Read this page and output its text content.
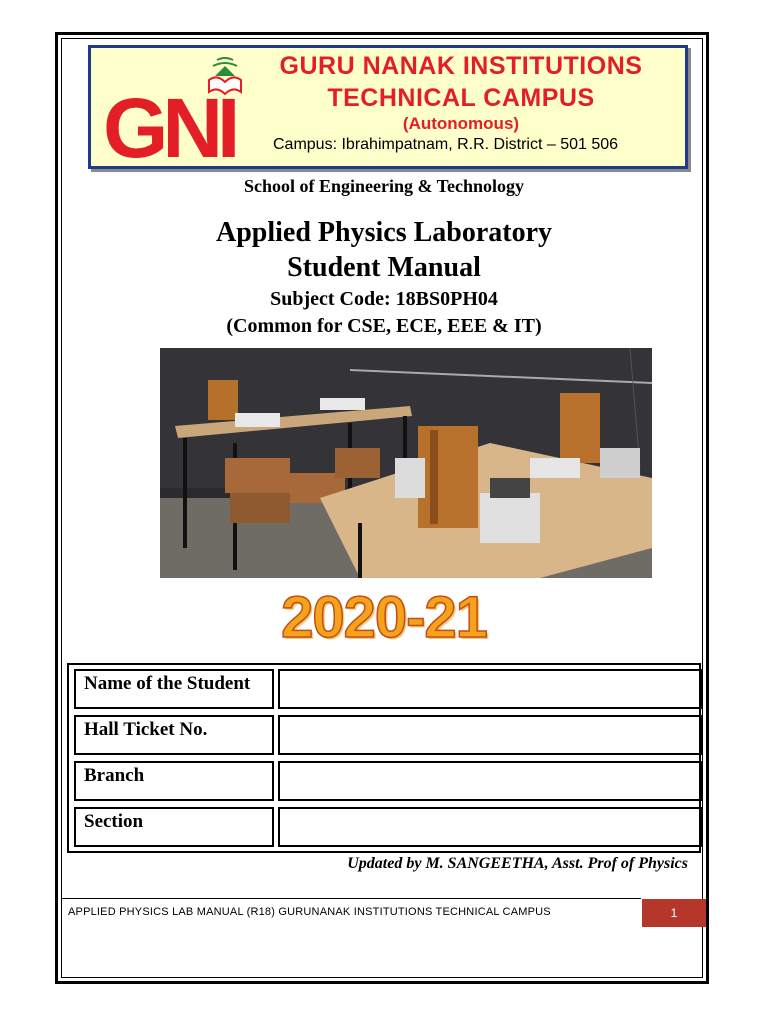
GNI
GURU NANAK INSTITUTIONS
TECHNICAL CAMPUS
(Autonomous)
Campus: Ibrahimpatnam, R.R. District – 501 506
School of Engineering & Technology
Applied Physics Laboratory
Student Manual
Subject Code: 18BS0PH04
(Common for CSE, ECE, EEE & IT)
2020-21
Name of the Student
Hall Ticket No.
Branch
Section
Updated by M. SANGEETHA, Asst. Prof of Physics
APPLIED PHYSICS LAB MANUAL (R18) GURUNANAK INSTITUTIONS TECHNICAL CAMPUS	1
